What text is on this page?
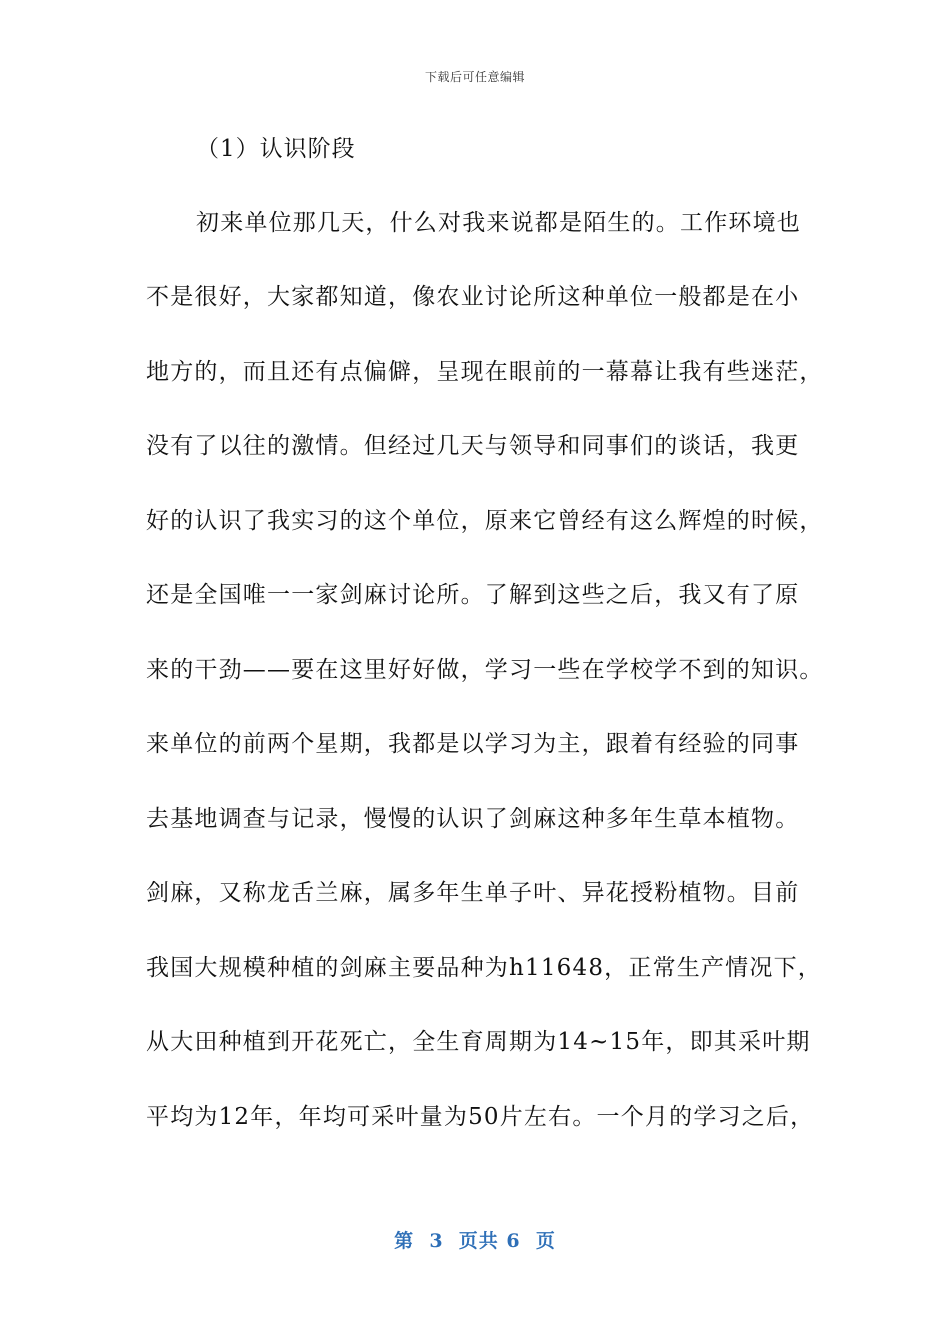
下载后可任意编辑
（1）认识阶段
初来单位那几天，什么对我来说都是陌生的。工作环境也
不是很好，大家都知道，像农业讨论所这种单位一般都是在小
地方的，而且还有点偏僻，呈现在眼前的一幕幕让我有些迷茫，
没有了以往的激情。但经过几天与领导和同事们的谈话，我更
好的认识了我实习的这个单位，原来它曾经有这么辉煌的时候，
还是全国唯一一家剑麻讨论所。了解到这些之后，我又有了原
来的干劲——要在这里好好做，学习一些在学校学不到的知识。
来单位的前两个星期，我都是以学习为主，跟着有经验的同事
去基地调查与记录，慢慢的认识了剑麻这种多年生草本植物。
剑麻，又称龙舌兰麻，属多年生单子叶、异花授粉植物。目前
我国大规模种植的剑麻主要品种为h11648，正常生产情况下，
从大田种植到开花死亡，全生育周期为14~15年，即其采叶期
平均为12年，年均可采叶量为50片左右。一个月的学习之后，
第  3  页共 6  页
